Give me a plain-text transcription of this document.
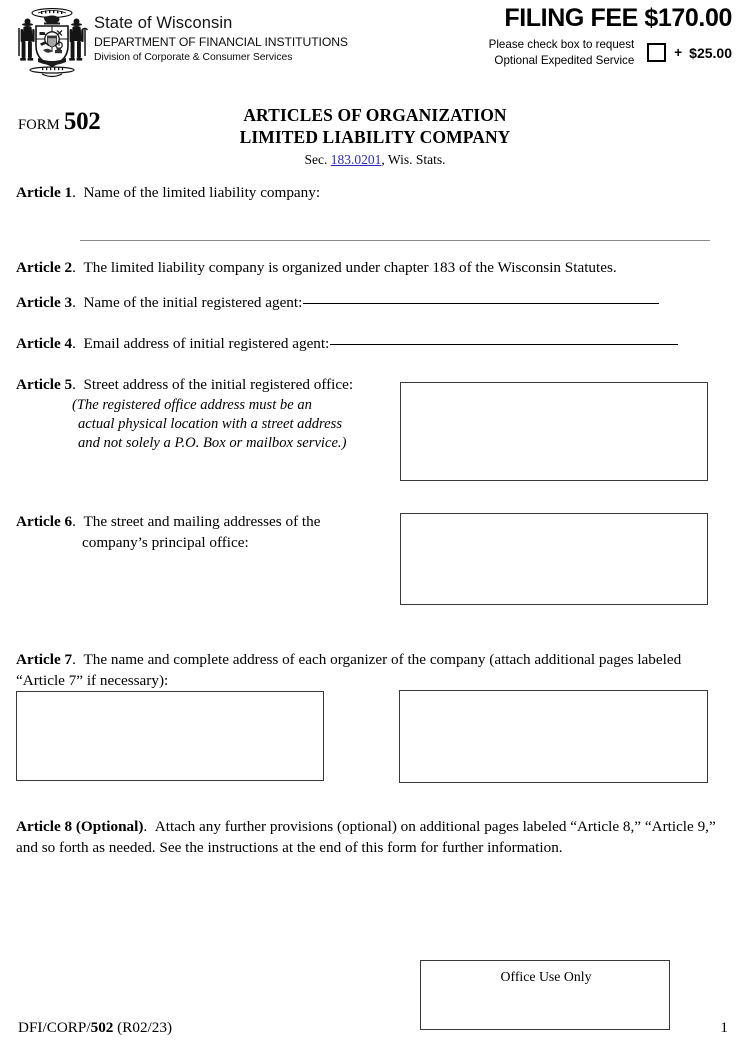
State of Wisconsin
DEPARTMENT OF FINANCIAL INSTITUTIONS
Division of Corporate & Consumer Services
FILING FEE $170.00
Please check box to request
Optional Expedited Service	+ $25.00
FORM 502	ARTICLES OF ORGANIZATION
LIMITED LIABILITY COMPANY
Sec. 183.0201, Wis. Stats.
Article 1. Name of the limited liability company:
Article 2. The limited liability company is organized under chapter 183 of the Wisconsin Statutes.
Article 3. Name of the initial registered agent:
Article 4. Email address of initial registered agent:
Article 5. Street address of the initial registered office:
(The registered office address must be an
actual physical location with a street address
and not solely a P.O. Box or mailbox service.)
Article 6. The street and mailing addresses of the
company’s principal office:
Article 7. The name and complete address of each organizer of the company (attach additional pages labeled “Article 7” if necessary):
Article 8 (Optional). Attach any further provisions (optional) on additional pages labeled “Article 8,” “Article 9,” and so forth as needed. See the instructions at the end of this form for further information.
Office Use Only
DFI/CORP/502 (R02/23)	1
